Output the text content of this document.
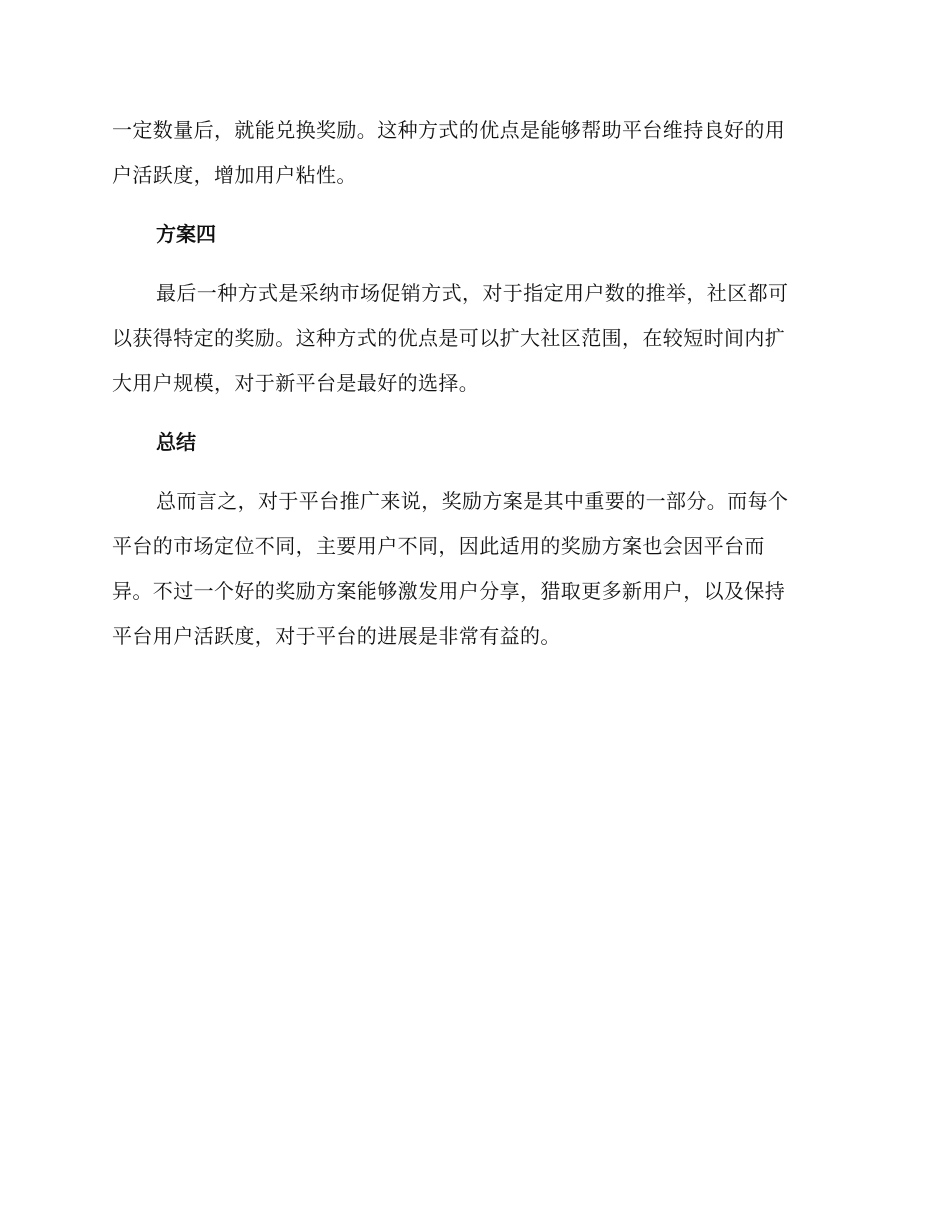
一定数量后，就能兑换奖励。这种方式的优点是能够帮助平台维持良好的用
户活跃度，增加用户粘性。

方案四

最后一种方式是采纳市场促销方式，对于指定用户数的推举，社区都可
以获得特定的奖励。这种方式的优点是可以扩大社区范围，在较短时间内扩
大用户规模，对于新平台是最好的选择。

总结

总而言之，对于平台推广来说，奖励方案是其中重要的一部分。而每个
平台的市场定位不同，主要用户不同，因此适用的奖励方案也会因平台而
异。不过一个好的奖励方案能够激发用户分享，猎取更多新用户，以及保持
平台用户活跃度，对于平台的进展是非常有益的。
